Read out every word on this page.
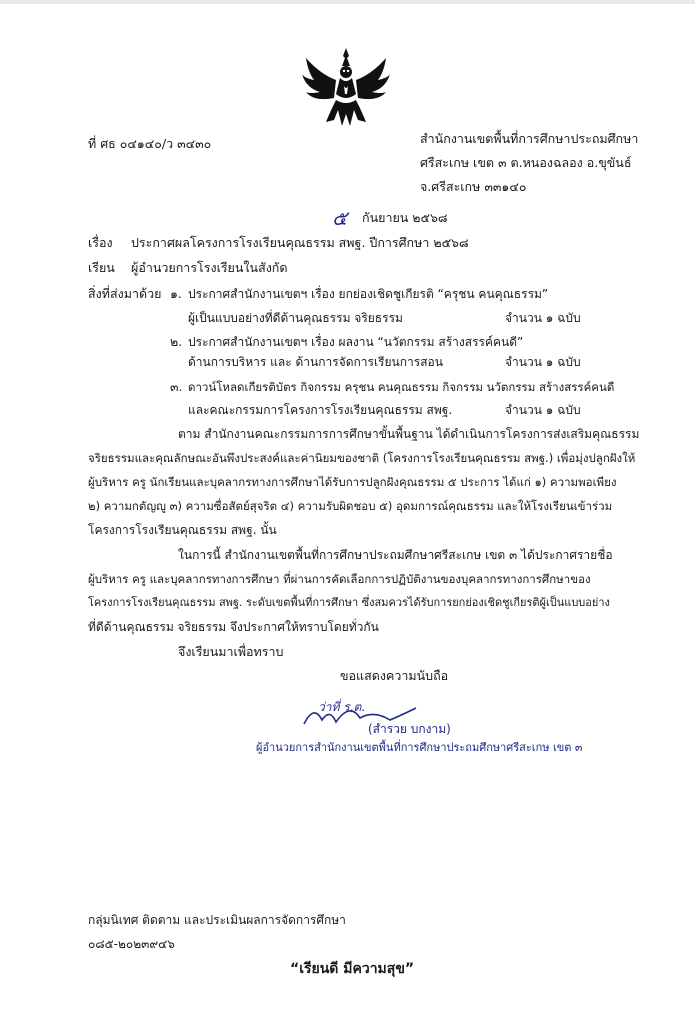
ที่ ศธ ๐๔๑๔๐/ว ๓๔๓๐	สำนักงานเขตพื้นที่การศึกษาประถมศึกษา
ศรีสะเกษ เขต ๓ ต.หนองฉลอง อ.ขุขันธ์
จ.ศรีสะเกษ ๓๓๑๔๐
๕ กันยายน ๒๕๖๘
เรื่อง ประกาศผลโครงการโรงเรียนคุณธรรม สพฐ. ปีการศึกษา ๒๕๖๘
เรียน ผู้อำนวยการโรงเรียนในสังกัด
สิ่งที่ส่งมาด้วย ๑. ประกาศสำนักงานเขตฯ เรื่อง ยกย่องเชิดชูเกียรติ “ครุชน คนคุณธรรม”
ผู้เป็นแบบอย่างที่ดีด้านคุณธรรม จริยธรรม	จำนวน ๑ ฉบับ
๒. ประกาศสำนักงานเขตฯ เรื่อง ผลงาน “นวัตกรรม สร้างสรรค์คนดี”
ด้านการบริหาร และ ด้านการจัดการเรียนการสอน	จำนวน ๑ ฉบับ
๓. ดาวน์โหลดเกียรติบัตร กิจกรรม ครุชน คนคุณธรรม กิจกรรม นวัตกรรม สร้างสรรค์คนดี
และคณะกรรมการโครงการโรงเรียนคุณธรรม สพฐ.	จำนวน ๑ ฉบับ
ตาม สำนักงานคณะกรรมการการศึกษาขั้นพื้นฐาน ได้ดำเนินการโครงการส่งเสริมคุณธรรม
จริยธรรมและคุณลักษณะอันพึงประสงค์และค่านิยมของชาติ (โครงการโรงเรียนคุณธรรม สพฐ.) เพื่อมุ่งปลูกฝังให้
ผู้บริหาร ครู นักเรียนและบุคลากรทางการศึกษาได้รับการปลูกฝังคุณธรรม ๕ ประการ ได้แก่ ๑) ความพอเพียง
๒) ความกตัญญู ๓) ความซื่อสัตย์สุจริต ๔) ความรับผิดชอบ ๕) อุดมการณ์คุณธรรม และให้โรงเรียนเข้าร่วม
โครงการโรงเรียนคุณธรรม สพฐ. นั้น
ในการนี้ สำนักงานเขตพื้นที่การศึกษาประถมศึกษาศรีสะเกษ เขต ๓ ได้ประกาศรายชื่อ
ผู้บริหาร ครู และบุคลากรทางการศึกษา ที่ผ่านการคัดเลือกการปฏิบัติงานของบุคลากรทางการศึกษาของ
โครงการโรงเรียนคุณธรรม สพฐ. ระดับเขตพื้นที่การศึกษา ซึ่งสมควรได้รับการยกย่องเชิดชูเกียรติผู้เป็นแบบอย่าง
ที่ดีด้านคุณธรรม จริยธรรม จึงประกาศให้ทราบโดยทั่วกัน
จึงเรียนมาเพื่อทราบ
ขอแสดงความนับถือ
ว่าที่ ร.ต.
(สำรวย บกงาม)
ผู้อำนวยการสำนักงานเขตพื้นที่การศึกษาประถมศึกษาศรีสะเกษ เขต ๓
กลุ่มนิเทศ ติดตาม และประเมินผลการจัดการศึกษา
๐๘๕-๒๐๒๓๙๔๖
“เรียนดี มีความสุข”
